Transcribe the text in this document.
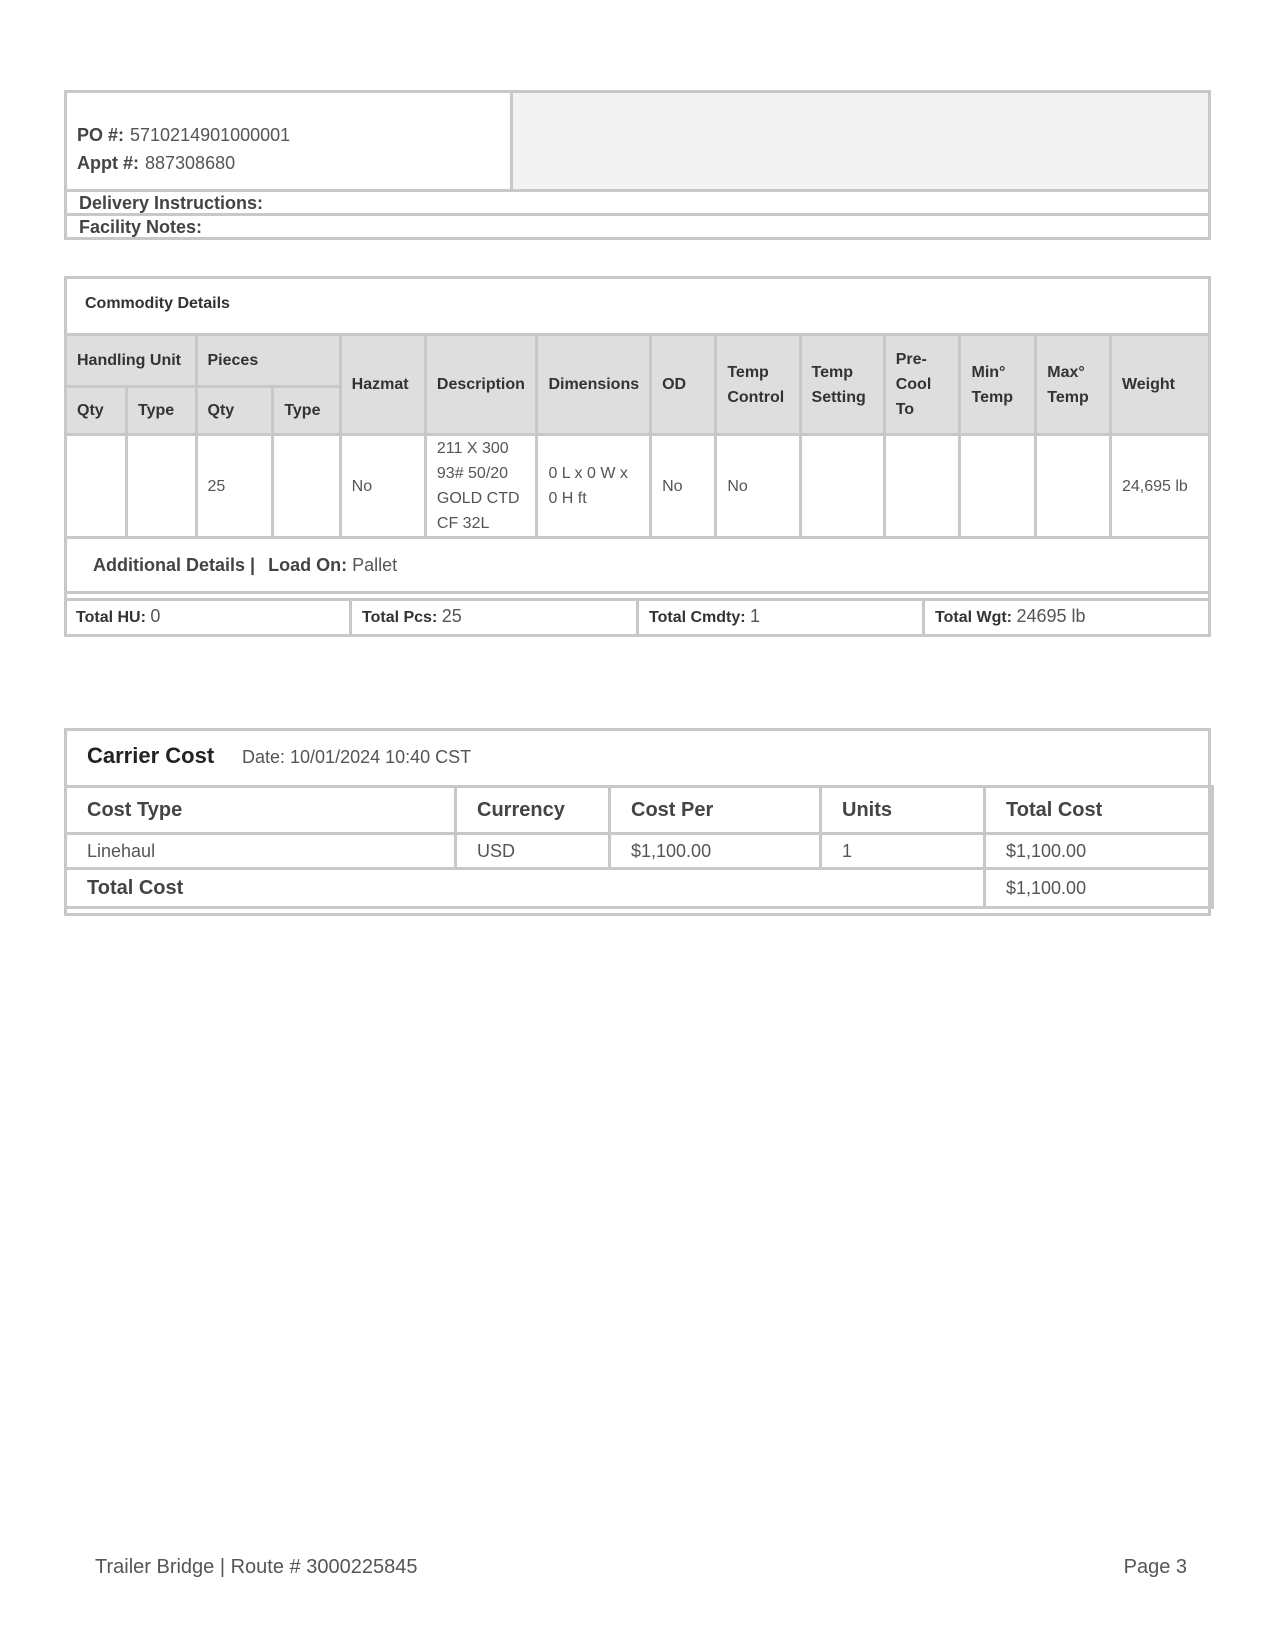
PO #: 5710214901000001
Appt #: 887308680
Delivery Instructions:
Facility Notes:
Commodity Details
Handling Unit		Pieces		Hazmat	Description	Dimensions	OD	Temp Control	Temp Setting	Pre-Cool To	Min° Temp	Max° Temp	Weight
Qty	Type	Qty	Type										
		25		No	211 X 300 93# 50/20 GOLD CTD CF 32L	0 L x 0 W x 0 H ft	No	No					24,695 lb
Additional Details | Load On: Pallet													
Total HU: 0	Total Pcs: 25	Total Cmdty: 1	Total Wgt: 24695 lb
Carrier Cost Date: 10/01/2024 10:40 CST
Cost Type	Currency	Cost Per	Units	Total Cost
Linehaul	USD	$1,100.00	1	$1,100.00
Total Cost				$1,100.00
Trailer Bridge | Route # 3000225845	Page 3
